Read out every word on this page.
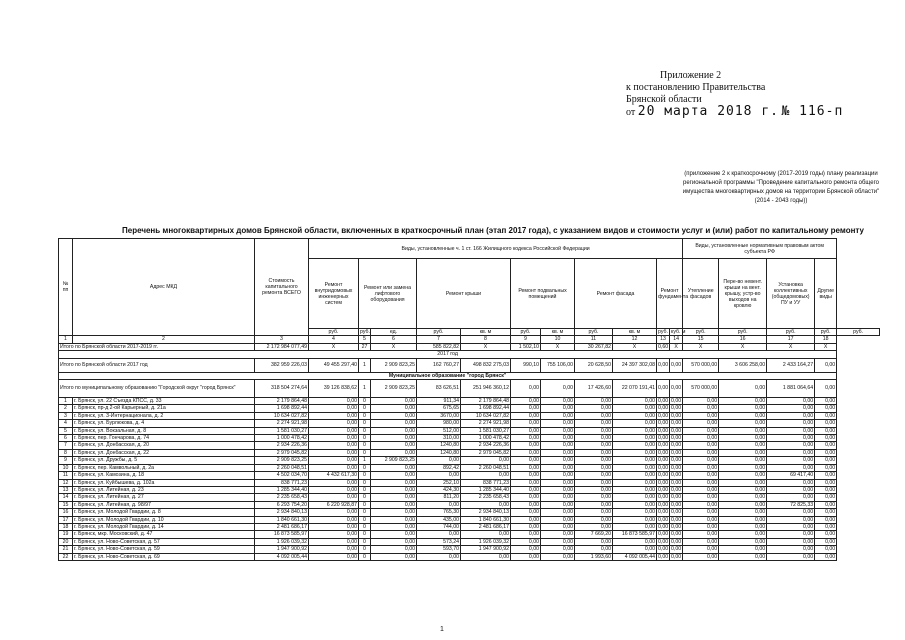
Приложение 2
к постановлению Правительства
Брянской области
от 20 марта 2018 г. № 116-п
(приложение 2 к краткосрочному (2017-2019 годы) плану реализации региональной программы "Проведение капитального ремонта общего имущества многоквартирных домов на территории Брянской области" (2014 - 2043 годы))
Перечень многоквартирных домов Брянской области, включенных в краткосрочный план (этап 2017 года), с указанием видов и стоимости услуг и (или) работ по капитальному ремонту
№ пп	Адрес МКД	Стоимость капитального ремонта ВСЕГО	Виды, установленные ч. 1 ст. 166 Жилищного кодекса Российской Федерации											Виды, установленные нормативным правовым актом субъекта РФ				
			Ремонт внутридомовых инженерных систем	Ремонт или замена лифтового оборудования		Ремонт крыши		Ремонт подвальных помещений		Ремонт фасада		Ремонт фундамента		Утепление фасадов	Пере-во невент. крыши на вент. крышу, устр-во выходов на кровлю	Установка коллективных (общедомовых) ПУ и УУ	Другие виды	
			руб.	руб.	ед.	руб.	кв. м	руб.	кв. м	руб.	кв. м	руб.	куб. м	руб.	руб.	руб.	руб.	руб.
1	2	3	4	5	6	7	8	9	10	11	12	13	14	15	16	17	18	
Итого по Брянской области 2017-2019 гг.		2 172 984 077,49	Х	27	Х	585 822,82	Х	1 502,10	Х	30 267,82	Х	0,60	Х	Х	Х	Х	Х	
2017 год																		
Итого по Брянской области 2017 год		382 959 226,03	49 455 297,40	1	2 909 823,25	162 760,27	498 832 275,03	990,10	755 106,00	20 628,50	24 397 302,08	0,00	0,00	570 000,00	3 606 258,00	2 433 164,27	0,00	
Муниципальное образование "город Брянск"																		
Итого по муниципальному образованию "Городской округ "город Брянск"		318 504 274,64	39 126 838,62	1	2 909 823,25	83 626,51	251 946 360,12	0,00	0,00	17 426,60	22 070 191,41	0,00	0,00	570 000,00	0,00	1 881 064,64	0,00	
1	г. Брянск, ул. 22 Съезда КПСС, д. 33	2 179 864,48	0,00	0	0,00	911,34	2 179 864,48	0,00	0,00	0,00	0,00	0,00	0,00	0,00	0,00	0,00	0,00	
2	г. Брянск, пр-д 2-ой Карьерный, д. 21а	1 698 892,44	0,00	0	0,00	675,65	1 698 892,44	0,00	0,00	0,00	0,00	0,00	0,00	0,00	0,00	0,00	0,00	
3	г. Брянск, ул. 3-Интернационала, д. 2	10 634 027,82	0,00	0	0,00	3670,00	10 634 027,82	0,00	0,00	0,00	0,00	0,00	0,00	0,00	0,00	0,00	0,00	
4	г. Брянск, ул. Бурлюкова, д. 4	2 274 921,98	0,00	0	0,00	980,00	2 274 921,98	0,00	0,00	0,00	0,00	0,00	0,00	0,00	0,00	0,00	0,00	
5	г. Брянск, ул. Вокзальная, д. 8	1 581 030,27	0,00	0	0,00	512,00	1 581 030,27	0,00	0,00	0,00	0,00	0,00	0,00	0,00	0,00	0,00	0,00	
6	г. Брянск, пер. Гончарова, д. 74	1 000 478,42	0,00	0	0,00	310,00	1 000 478,42	0,00	0,00	0,00	0,00	0,00	0,00	0,00	0,00	0,00	0,00	
7	г. Брянск, ул. Донбасская, д. 20	2 934 226,36	0,00	0	0,00	1240,80	2 934 226,36	0,00	0,00	0,00	0,00	0,00	0,00	0,00	0,00	0,00	0,00	
8	г. Брянск, ул. Донбасская, д. 22	2 979 045,82	0,00	0	0,00	1240,80	2 979 045,82	0,00	0,00	0,00	0,00	0,00	0,00	0,00	0,00	0,00	0,00	
9	г. Брянск, ул. Дружбы, д. 5	2 909 823,25	0,00	1	2 909 823,25	0,00	0,00	0,00	0,00	0,00	0,00	0,00	0,00	0,00	0,00	0,00	0,00	
10	г. Брянск, пер. Камвольный, д. 2а	2 260 048,51	0,00	0	0,00	892,42	2 260 048,51	0,00	0,00	0,00	0,00	0,00	0,00	0,00	0,00	0,00	0,00	
11	г. Брянск, ул. Камозина, д. 18	4 502 034,70	4 432 617,30	0	0,00	0,00	0,00	0,00	0,00	0,00	0,00	0,00	0,00	0,00	0,00	69 417,40	0,00	
12	г. Брянск, ул. Куйбышева, д. 102а	838 771,23	0,00	0	0,00	252,10	838 771,23	0,00	0,00	0,00	0,00	0,00	0,00	0,00	0,00	0,00	0,00	
13	г. Брянск, ул. Литейная, д. 23	1 285 344,40	0,00	0	0,00	424,30	1 285 344,40	0,00	0,00	0,00	0,00	0,00	0,00	0,00	0,00	0,00	0,00	
14	г. Брянск, ул. Литейная, д. 27	2 235 658,43	0,00	0	0,00	811,20	2 235 658,43	0,00	0,00	0,00	0,00	0,00	0,00	0,00	0,00	0,00	0,00	
15	г. Брянск, ул. Литейная, д. 98/97	6 293 754,20	6 220 928,87	0	0,00	0,00	0,00	0,00	0,00	0,00	0,00	0,00	0,00	0,00	0,00	72 825,33	0,00	
16	г. Брянск, ул. Молодой Гвардии, д. 8	2 934 840,13	0,00	0	0,00	765,30	2 934 840,13	0,00	0,00	0,00	0,00	0,00	0,00	0,00	0,00	0,00	0,00	
17	г. Брянск, ул. Молодой Гвардии, д. 10	1 840 661,30	0,00	0	0,00	435,00	1 840 661,30	0,00	0,00	0,00	0,00	0,00	0,00	0,00	0,00	0,00	0,00	
18	г. Брянск, ул. Молодой Гвардии, д. 14	2 481 686,17	0,00	0	0,00	744,00	2 481 686,17	0,00	0,00	0,00	0,00	0,00	0,00	0,00	0,00	0,00	0,00	
19	г. Брянск, мкр. Московский, д. 47	16 873 585,97	0,00	0	0,00	0,00	0,00	0,00	0,00	7 669,20	16 873 585,97	0,00	0,00	0,00	0,00	0,00	0,00	
20	г. Брянск, ул. Ново-Советская, д. 57	1 926 039,32	0,00	0	0,00	573,24	1 926 039,32	0,00	0,00	0,00	0,00	0,00	0,00	0,00	0,00	0,00	0,00	
21	г. Брянск, ул. Ново-Советская, д. 59	1 947 900,92	0,00	0	0,00	593,70	1 947 900,92	0,00	0,00	0,00	0,00	0,00	0,00	0,00	0,00	0,00	0,00	
22	г. Брянск, ул. Ново-Советская, д. 69	4 092 005,44	0,00	0	0,00	0,00	0,00	0,00	0,00	1 993,60	4 092 005,44	0,00	0,00	0,00	0,00	0,00	0,00	
1
